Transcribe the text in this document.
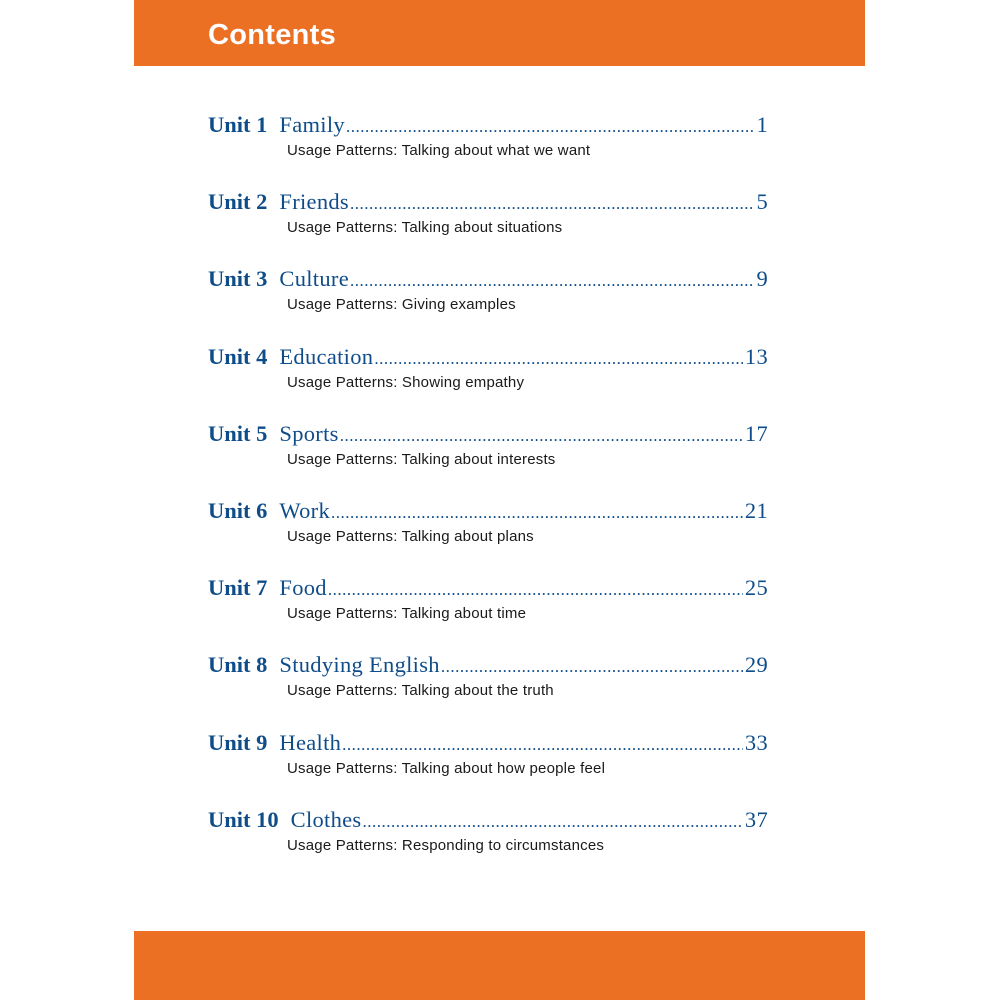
Contents
Unit 1 Family .....	1
Usage Patterns: Talking about what we want
Unit 2 Friends .....	5
Usage Patterns: Talking about situations
Unit 3 Culture .....	9
Usage Patterns: Giving examples
Unit 4 Education .....	13
Usage Patterns: Showing empathy
Unit 5 Sports .....	17
Usage Patterns: Talking about interests
Unit 6 Work .....	21
Usage Patterns: Talking about plans
Unit 7 Food .....	25
Usage Patterns: Talking about time
Unit 8 Studying English .....	29
Usage Patterns: Talking about the truth
Unit 9 Health .....	33
Usage Patterns: Talking about how people feel
Unit 10 Clothes .....	37
Usage Patterns: Responding to circumstances
